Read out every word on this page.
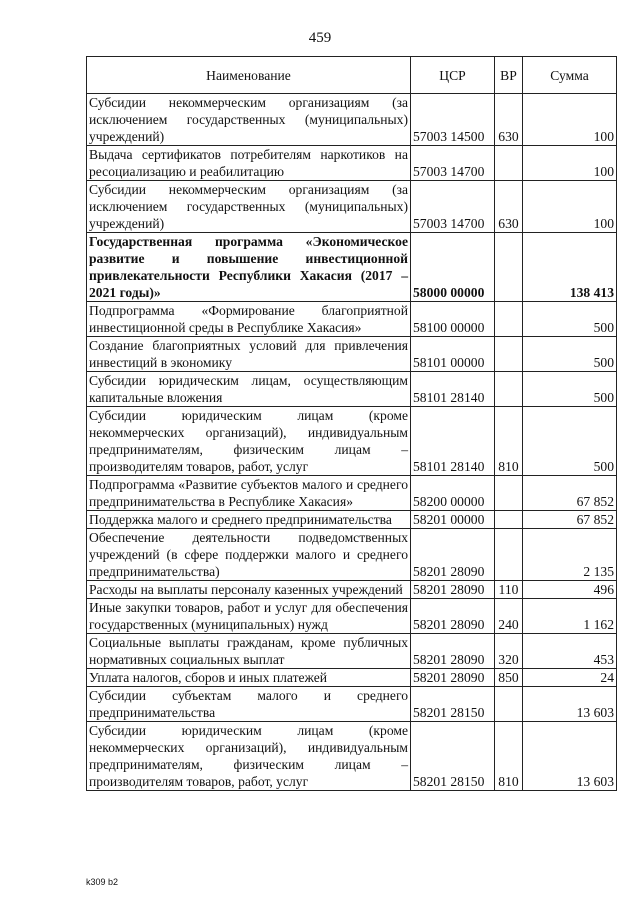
459
Наименование	ЦСР	ВР	Сумма
Субсидии некоммерческим организациям (за исключением государственных (муниципальных) учреждений)	57003 14500	630	100
Выдача сертификатов потребителям наркотиков на ресоциализацию и реабилитацию	57003 14700		100
Субсидии некоммерческим организациям (за исключением государственных (муниципальных) учреждений)	57003 14700	630	100
Государственная программа «Экономическое развитие и повышение инвестиционной привлекательности Республики Хакасия (2017 – 2021 годы)»	58000 00000		138 413
Подпрограмма «Формирование благоприятной инвестиционной среды в Республике Хакасия»	58100 00000		500
Создание благоприятных условий для привлечения инвестиций в экономику	58101 00000		500
Субсидии юридическим лицам, осуществляющим капитальные вложения	58101 28140		500
Субсидии юридическим лицам (кроме некоммерческих организаций), индивидуальным предпринимателям, физическим лицам – производителям товаров, работ, услуг	58101 28140	810	500
Подпрограмма «Развитие субъектов малого и среднего предпринимательства в Республике Хакасия»	58200 00000		67 852
Поддержка малого и среднего предпринимательства	58201 00000		67 852
Обеспечение деятельности подведомственных учреждений (в сфере поддержки малого и среднего предпринимательства)	58201 28090		2 135
Расходы на выплаты персоналу казенных учреждений	58201 28090	110	496
Иные закупки товаров, работ и услуг для обеспечения государственных (муниципальных) нужд	58201 28090	240	1 162
Социальные выплаты гражданам, кроме публичных нормативных социальных выплат	58201 28090	320	453
Уплата налогов, сборов и иных платежей	58201 28090	850	24
Субсидии субъектам малого и среднего предпринимательства	58201 28150		13 603
Субсидии юридическим лицам (кроме некоммерческих организаций), индивидуальным предпринимателям, физическим лицам – производителям товаров, работ, услуг	58201 28150	810	13 603
k309 b2
